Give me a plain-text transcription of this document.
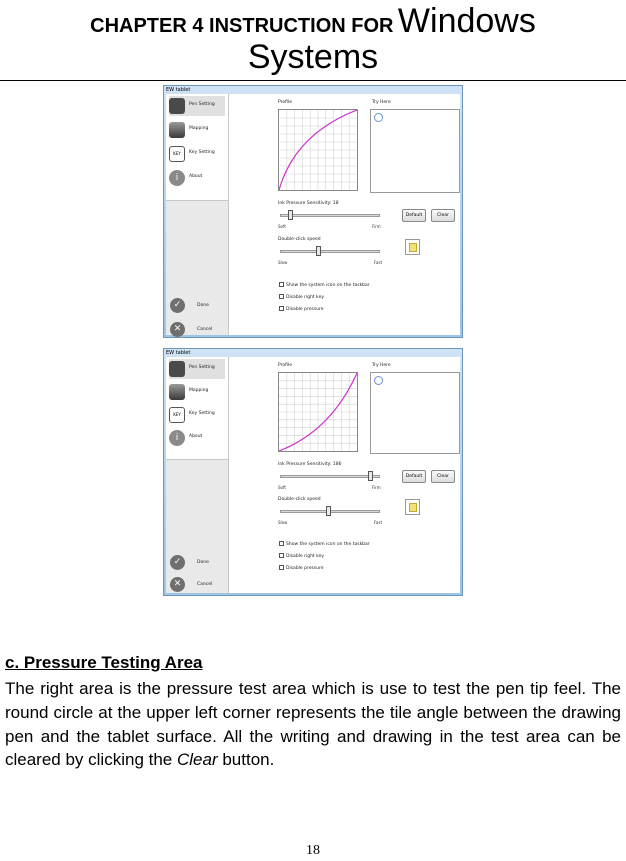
CHAPTER 4 INSTRUCTION FOR Windows
Systems
EW tablet
Pen Setting
Mapping
KEY	Key Setting
i	About
✓	Done
✕	Cancel
Profile	Try Here
Ink Pressure Sensitivity: 18
Soft	Firm
Double-click speed
Slow	Fast
Default	Clear
Show the system icon on the taskbar
Disable right key
Disable pressure
EW tablet
Pen Setting
Mapping
KEY	Key Setting
i	About
✓	Done
✕	Cancel
Profile	Try Here
Ink Pressure Sensitivity: 186
Soft	Firm
Double-click speed
Slow	Fast
Default	Clear
Show the system icon on the taskbar
Disable right key
Disable pressure
c. Pressure Testing Area

The right area is the pressure test area which is use to test the pen tip feel. The round circle at the upper left corner represents the tile angle between the drawing pen and the tablet surface. All the writing and drawing in the test area can be cleared by clicking the Clear button.

18
